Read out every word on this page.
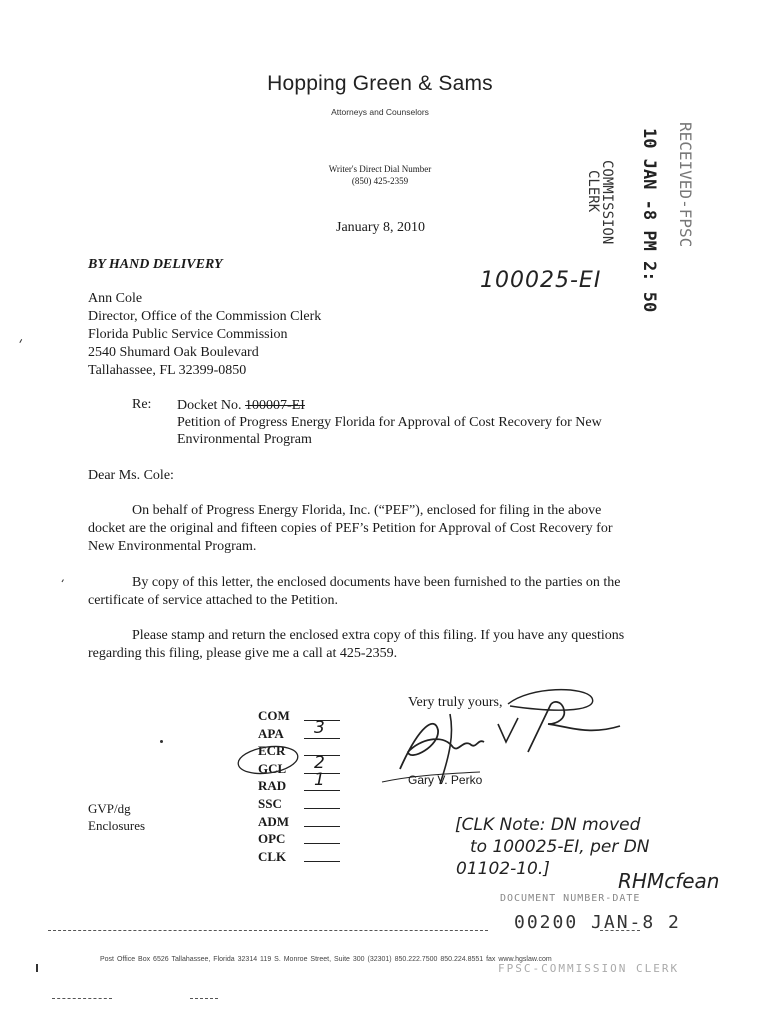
Hopping Green & Sams
Attorneys and Counselors
Writer's Direct Dial Number
(850) 425-2359	RECEIVED-FPSC
10 JAN -8 PM 2: 50
COMMISSION
CLERK
January 8, 2010
BY HAND DELIVERY
100025-EI
Ann Cole
Director, Office of the Commission Clerk
Florida Public Service Commission
2540 Shumard Oak Boulevard
Tallahassee, FL 32399-0850
Re: Docket No. 100007-EI
Petition of Progress Energy Florida for Approval of Cost Recovery for New
Environmental Program
Dear Ms. Cole:
On behalf of Progress Energy Florida, Inc. (“PEF”), enclosed for filing in the above
docket are the original and fifteen copies of PEF’s Petition for Approval of Cost Recovery for
New Environmental Program.
By copy of this letter, the enclosed documents have been furnished to the parties on the
certificate of service attached to the Petition.
Please stamp and return the enclosed extra copy of this filing. If you have any questions
regarding this filing, please give me a call at 425-2359.
Very truly yours,
Gary V. Perko
GVP/dg
Enclosures
COM
APA 3
ECR
GCL 2
RAD 1
SSC
ADM
OPC
CLK
[CLK Note: DN moved
to 100025-EI, per DN
01102-10.]	RHMcfean
DOCUMENT NUMBER-DATE
00200 JAN-8 2
FPSC-COMMISSION CLERK
Post Office Box 6526 Tallahassee, Florida 32314 119 S. Monroe Street, Suite 300 (32301) 850.222.7500 850.224.8551 fax www.hgslaw.com
